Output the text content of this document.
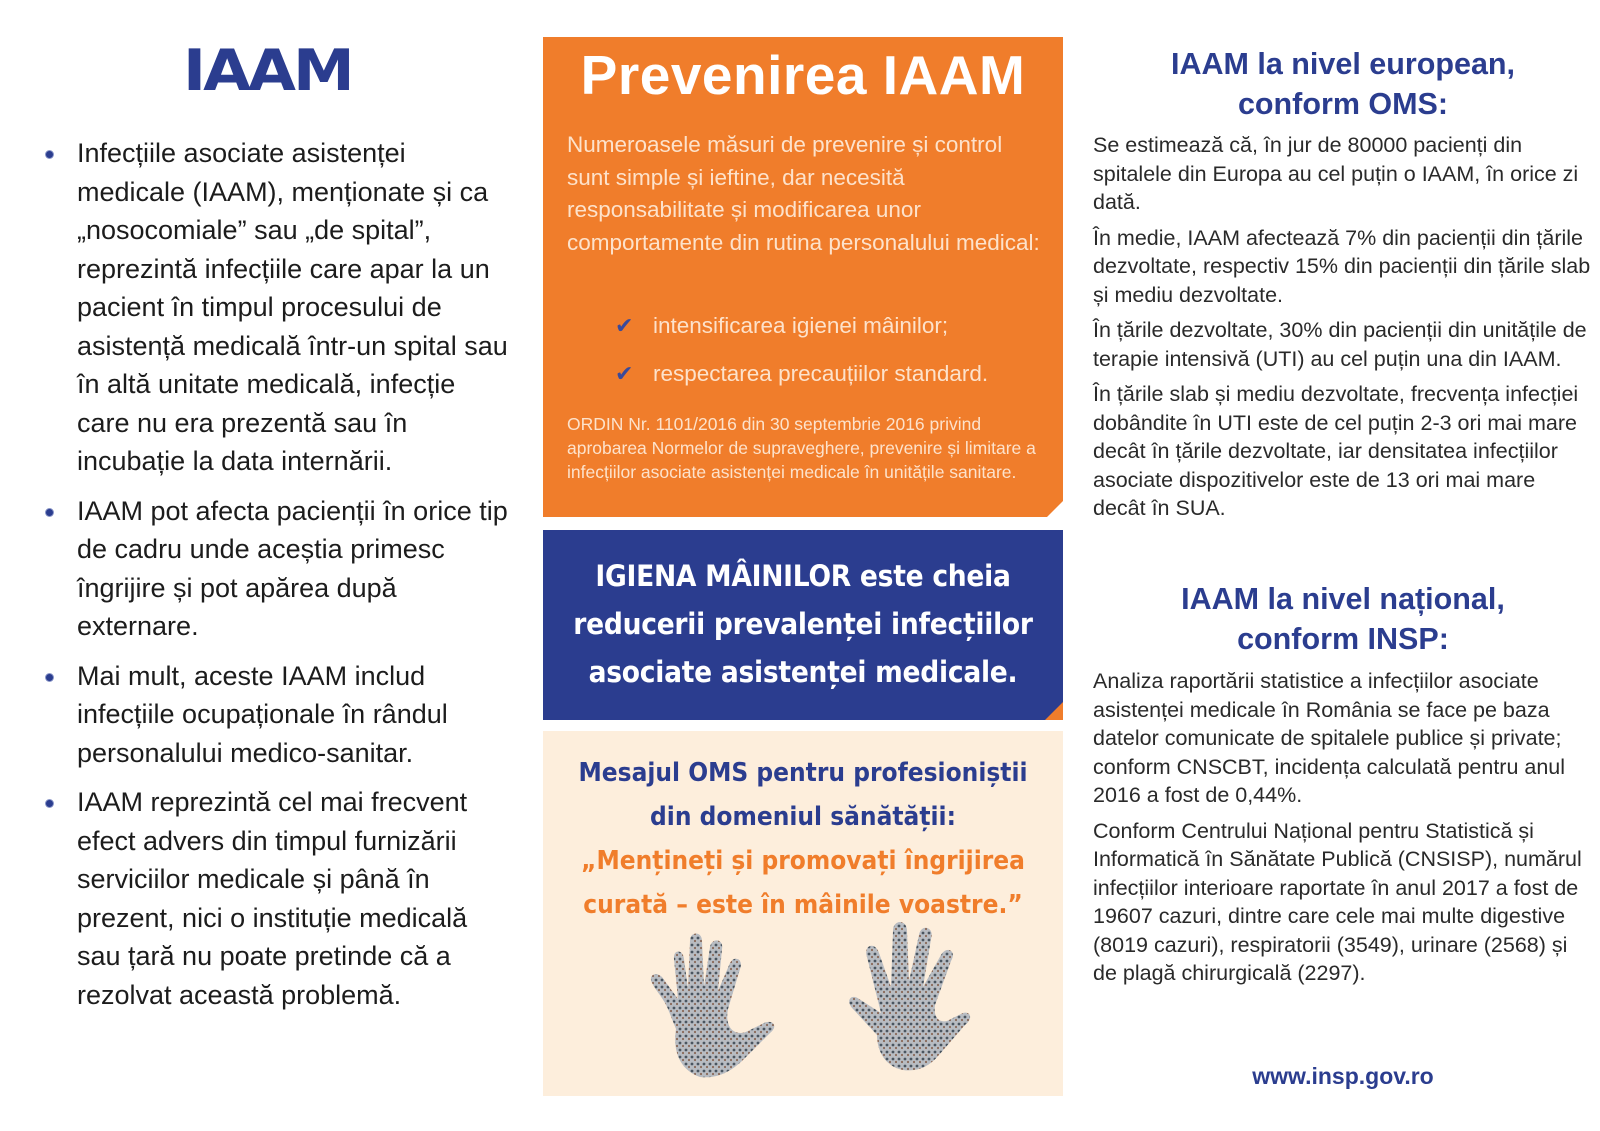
IAAM
Infecțiile asociate asistenței medicale (IAAM), menționate și ca „nosocomiale” sau „de spital”, reprezintă infecțiile care apar la un pacient în timpul procesului de asistență medicală într-un spital sau în altă unitate medicală, infecție care nu era prezentă sau în incubație la data internării.
IAAM pot afecta pacienții în orice tip de cadru unde aceștia primesc îngrijire și pot apărea după externare.
Mai mult, aceste IAAM includ infecțiile ocupaționale în rândul personalului medico-sanitar.
IAAM reprezintă cel mai frecvent efect advers din timpul furnizării serviciilor medicale și până în prezent, nici o instituție medicală sau țară nu poate pretinde că a rezolvat această problemă.
Prevenirea IAAM

Numeroasele măsuri de prevenire și control sunt simple și ieftine, dar necesită responsabilitate și modificarea unor comportamente din rutina personalului medical:

✔ intensificarea igienei mâinilor;
✔ respectarea precauțiilor standard.

ORDIN Nr. 1101/2016 din 30 septembrie 2016 privind aprobarea Normelor de supraveghere, prevenire și limitare a infecțiilor asociate asistenței medicale în unitățile sanitare.

IGIENA MÂINILOR este cheia
reducerii prevalenței infecțiilor
asociate asistenței medicale.

Mesajul OMS pentru profesioniștii
din domeniul sănătății:

„Mențineți și promovați îngrijirea
curată – este în mâinile voastre.”

IAAM la nivel european,
conform OMS:

Se estimează că, în jur de 80000 pacienți din spitalele din Europa au cel puțin o IAAM, în orice zi dată.

În medie, IAAM afectează 7% din pacienții din țările dezvoltate, respectiv 15% din pacienții din țările slab și mediu dezvoltate.

În țările dezvoltate, 30% din pacienții din unitățile de terapie intensivă (UTI) au cel puțin una din IAAM.

În țările slab și mediu dezvoltate, frecvența infecției dobândite în UTI este de cel puțin 2-3 ori mai mare decât în țările dezvoltate, iar densitatea infecțiilor asociate dispozitivelor este de 13 ori mai mare decât în SUA.

IAAM la nivel național,
conform INSP:

Analiza raportării statistice a infecțiilor asociate asistenței medicale în România se face pe baza datelor comunicate de spitalele publice și private; conform CNSCBT, incidența calculată pentru anul 2016 a fost de 0,44%.

Conform Centrului Național pentru Statistică și Informatică în Sănătate Publică (CNSISP), numărul infecțiilor interioare raportate în anul 2017 a fost de 19607 cazuri, dintre care cele mai multe digestive (8019 cazuri), respiratorii (3549), urinare (2568) și de plagă chirurgicală (2297).

www.insp.gov.ro
